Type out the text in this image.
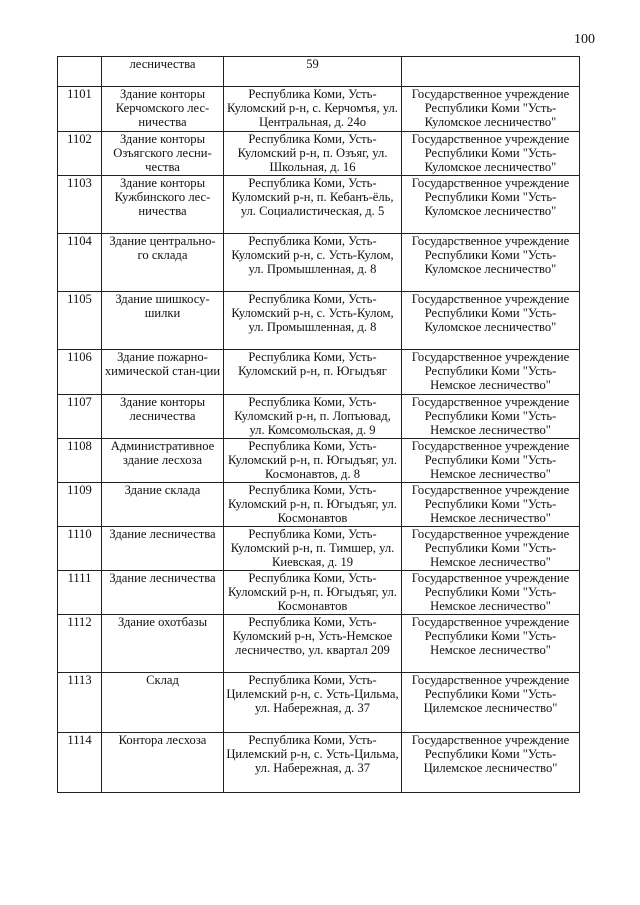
100
	лесничества	59	
1101	Здание конторы Керчомского лес-ничества	Республика Коми, Усть-Куломский р-н, с. Керчомъя, ул. Центральная, д. 24о	Государственное учреждение Республики Коми "Усть-Куломское лесничество"
1102	Здание конторы Озъягского лесни-чества	Республика Коми, Усть-Куломский р-н, п. Озъяг, ул. Школьная, д. 16	Государственное учреждение Республики Коми "Усть-Куломское лесничество"
1103	Здание конторы Кужбинского лес-ничества	Республика Коми, Усть-Куломский р-н, п. Кебанъ-ёль, ул. Социалистическая, д. 5	Государственное учреждение Республики Коми "Усть-Куломское лесничество"
1104	Здание центрально-го склада	Республика Коми, Усть-Куломский р-н, с. Усть-Кулом, ул. Промышленная, д. 8	Государственное учреждение Республики Коми "Усть-Куломское лесничество"
1105	Здание шишкосу-шилки	Республика Коми, Усть-Куломский р-н, с. Усть-Кулом, ул. Промышленная, д. 8	Государственное учреждение Республики Коми "Усть-Куломское лесничество"
1106	Здание пожарно-химической стан-ции	Республика Коми, Усть-Куломский р-н, п. Югыдъяг	Государственное учреждение Республики Коми "Усть-Немское лесничество"
1107	Здание конторы лесничества	Республика Коми, Усть-Куломский р-н, п. Лопъювад, ул. Комсомольская, д. 9	Государственное учреждение Республики Коми "Усть-Немское лесничество"
1108	Административное здание лесхоза	Республика Коми, Усть-Куломский р-н, п. Югыдъяг, ул. Космонавтов, д. 8	Государственное учреждение Республики Коми "Усть-Немское лесничество"
1109	Здание склада	Республика Коми, Усть-Куломский р-н, п. Югыдъяг, ул. Космонавтов	Государственное учреждение Республики Коми "Усть-Немское лесничество"
1110	Здание лесничества	Республика Коми, Усть-Куломский р-н, п. Тимшер, ул. Киевская, д. 19	Государственное учреждение Республики Коми "Усть-Немское лесничество"
1111	Здание лесничества	Республика Коми, Усть-Куломский р-н, п. Югыдъяг, ул. Космонавтов	Государственное учреждение Республики Коми "Усть-Немское лесничество"
1112	Здание охотбазы	Республика Коми, Усть-Куломский р-н, Усть-Немское лесничество, ул. квартал 209	Государственное учреждение Республики Коми "Усть-Немское лесничество"
1113	Склад	Республика Коми, Усть-Цилемский р-н, с. Усть-Цильма, ул. Набережная, д. 37	Государственное учреждение Республики Коми "Усть-Цилемское лесничество"
1114	Контора лесхоза	Республика Коми, Усть-Цилемский р-н, с. Усть-Цильма, ул. Набережная, д. 37	Государственное учреждение Республики Коми "Усть-Цилемское лесничество"
